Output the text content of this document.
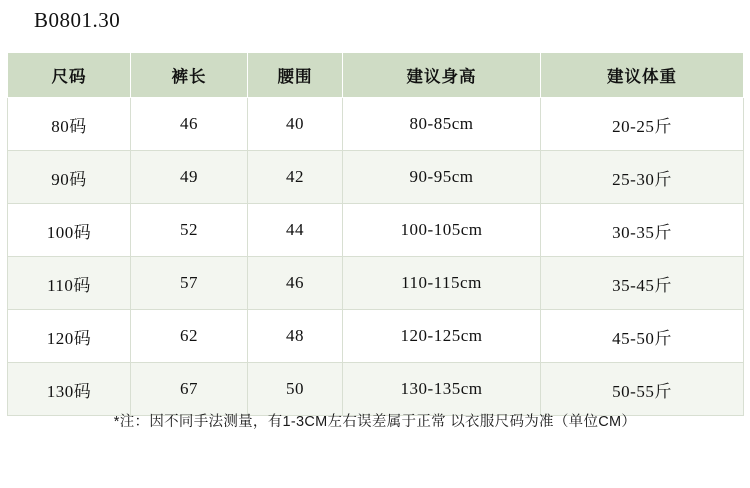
B0801.30
尺码	裤长	腰围	建议身高	建议体重
80码	46	40	80-85cm	20-25斤
90码	49	42	90-95cm	25-30斤
100码	52	44	100-105cm	30-35斤
110码	57	46	110-115cm	35-45斤
120码	62	48	120-125cm	45-50斤
130码	67	50	130-135cm	50-55斤
*注：因不同手法测量，有1-3CM左右误差属于正常 以衣服尺码为准（单位CM）
